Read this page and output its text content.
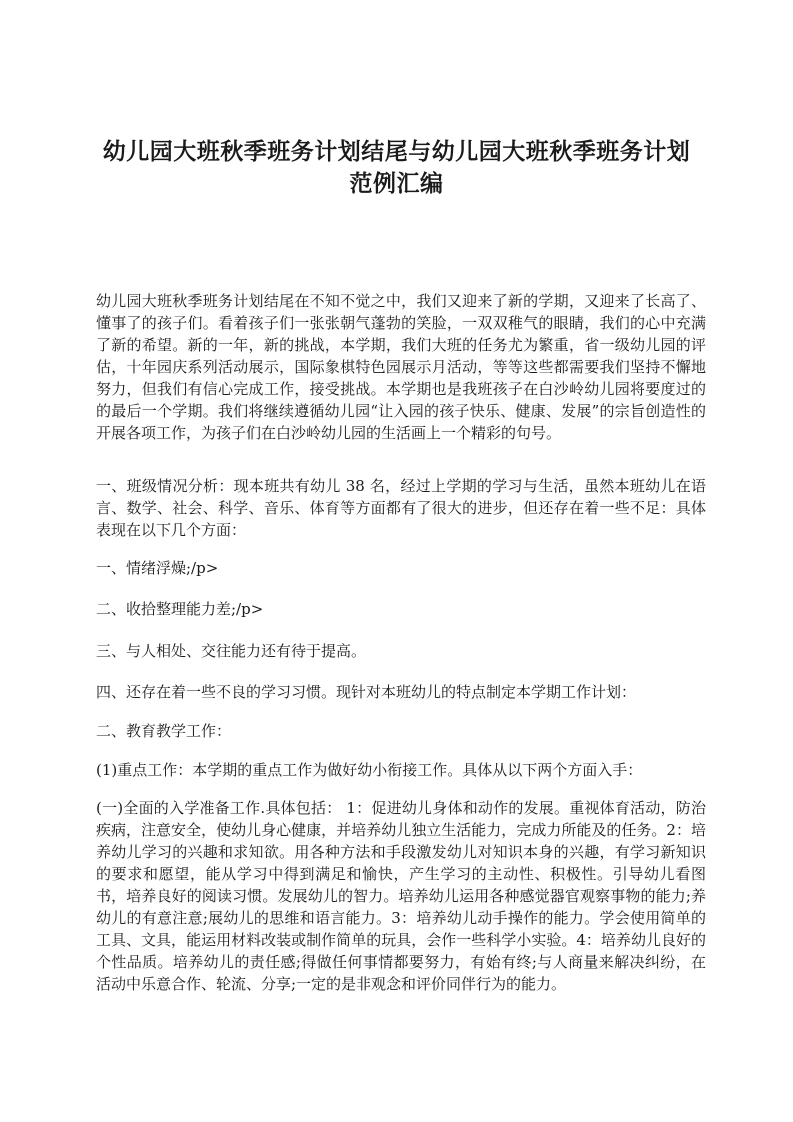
幼儿园大班秋季班务计划结尾与幼儿园大班秋季班务计划
范例汇编
幼儿园大班秋季班务计划结尾在不知不觉之中，我们又迎来了新的学期，又迎来了长高了、懂事了的孩子们。看着孩子们一张张朝气蓬勃的笑脸，一双双稚气的眼睛，我们的心中充满了新的希望。新的一年，新的挑战，本学期，我们大班的任务尤为繁重，省一级幼儿园的评估，十年园庆系列活动展示，国际象棋特色园展示月活动，等等这些都需要我们坚持不懈地努力，但我们有信心完成工作，接受挑战。本学期也是我班孩子在白沙岭幼儿园将要度过的的最后一个学期。我们将继续遵循幼儿园“让入园的孩子快乐、健康、发展”的宗旨创造性的开展各项工作，为孩子们在白沙岭幼儿园的生活画上一个精彩的句号。
一、班级情况分析：现本班共有幼儿 38 名，经过上学期的学习与生活，虽然本班幼儿在语言、数学、社会、科学、音乐、体育等方面都有了很大的进步，但还存在着一些不足：具体表现在以下几个方面：
一、情绪浮燥;/p>
二、收拾整理能力差;/p>
三、与人相处、交往能力还有待于提高。
四、还存在着一些不良的学习习惯。现针对本班幼儿的特点制定本学期工作计划：
二、教育教学工作：
(1)重点工作：本学期的重点工作为做好幼小衔接工作。具体从以下两个方面入手：
(一)全面的入学准备工作.具体包括： 1：促进幼儿身体和动作的发展。重视体育活动，防治疾病，注意安全，使幼儿身心健康，并培养幼儿独立生活能力，完成力所能及的任务。2：培养幼儿学习的兴趣和求知欲。用各种方法和手段激发幼儿对知识本身的兴趣，有学习新知识的要求和愿望，能从学习中得到满足和愉快，产生学习的主动性、积极性。引导幼儿看图书，培养良好的阅读习惯。发展幼儿的智力。培养幼儿运用各种感觉器官观察事物的能力;养幼儿的有意注意;展幼儿的思维和语言能力。3：培养幼儿动手操作的能力。学会使用简单的工具、文具，能运用材料改装或制作简单的玩具，会作一些科学小实验。4：培养幼儿良好的个性品质。培养幼儿的责任感;得做任何事情都要努力，有始有终;与人商量来解决纠纷，在活动中乐意合作、轮流、分享;一定的是非观念和评价同伴行为的能力。
